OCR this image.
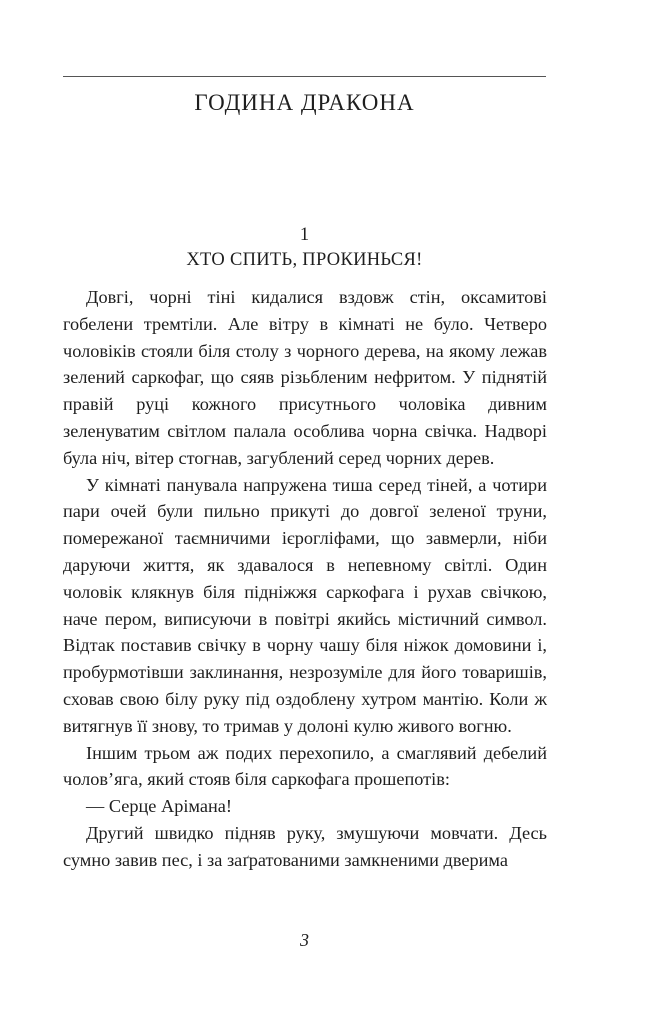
ГОДИНА ДРАКОНА
1
ХТО СПИТЬ, ПРОКИНЬСЯ!

Довгі, чорні тіні кидалися вздовж стін, оксамитові гобелени тремтіли. Але вітру в кімнаті не було. Четверо чоловіків стояли біля столу з чорного дерева, на якому лежав зелений саркофаг, що сяяв різьбленим нефритом. У піднятій правій руці кожного присутнього чоловіка дивним зеленуватим світлом палала особлива чорна свічка. Надворі була ніч, вітер стогнав, загублений серед чорних дерев.

У кімнаті панувала напружена тиша серед тіней, а чотири пари очей були пильно прикуті до довгої зеленої труни, помережаної таємничими ієрогліфами, що завмерли, ніби даруючи життя, як здавалося в непевному світлі. Один чоловік клякнув біля підніжжя саркофага і рухав свічкою, наче пером, виписуючи в повітрі якийсь містичний символ. Відтак поставив свічку в чорну чашу біля ніжок домовини і, пробурмотівши заклинання, незрозуміле для його товаришів, сховав свою білу руку під оздоблену хутром мантію. Коли ж витягнув її знову, то тримав у долоні кулю живого вогню.

Іншим трьом аж подих перехопило, а смаглявий дебелий чолов’яга, який стояв біля саркофага прошепотів:

— Серце Арімана!

Другий швидко підняв руку, змушуючи мовчати. Десь сумно завив пес, і за заґратованими замкненими дверима

3
